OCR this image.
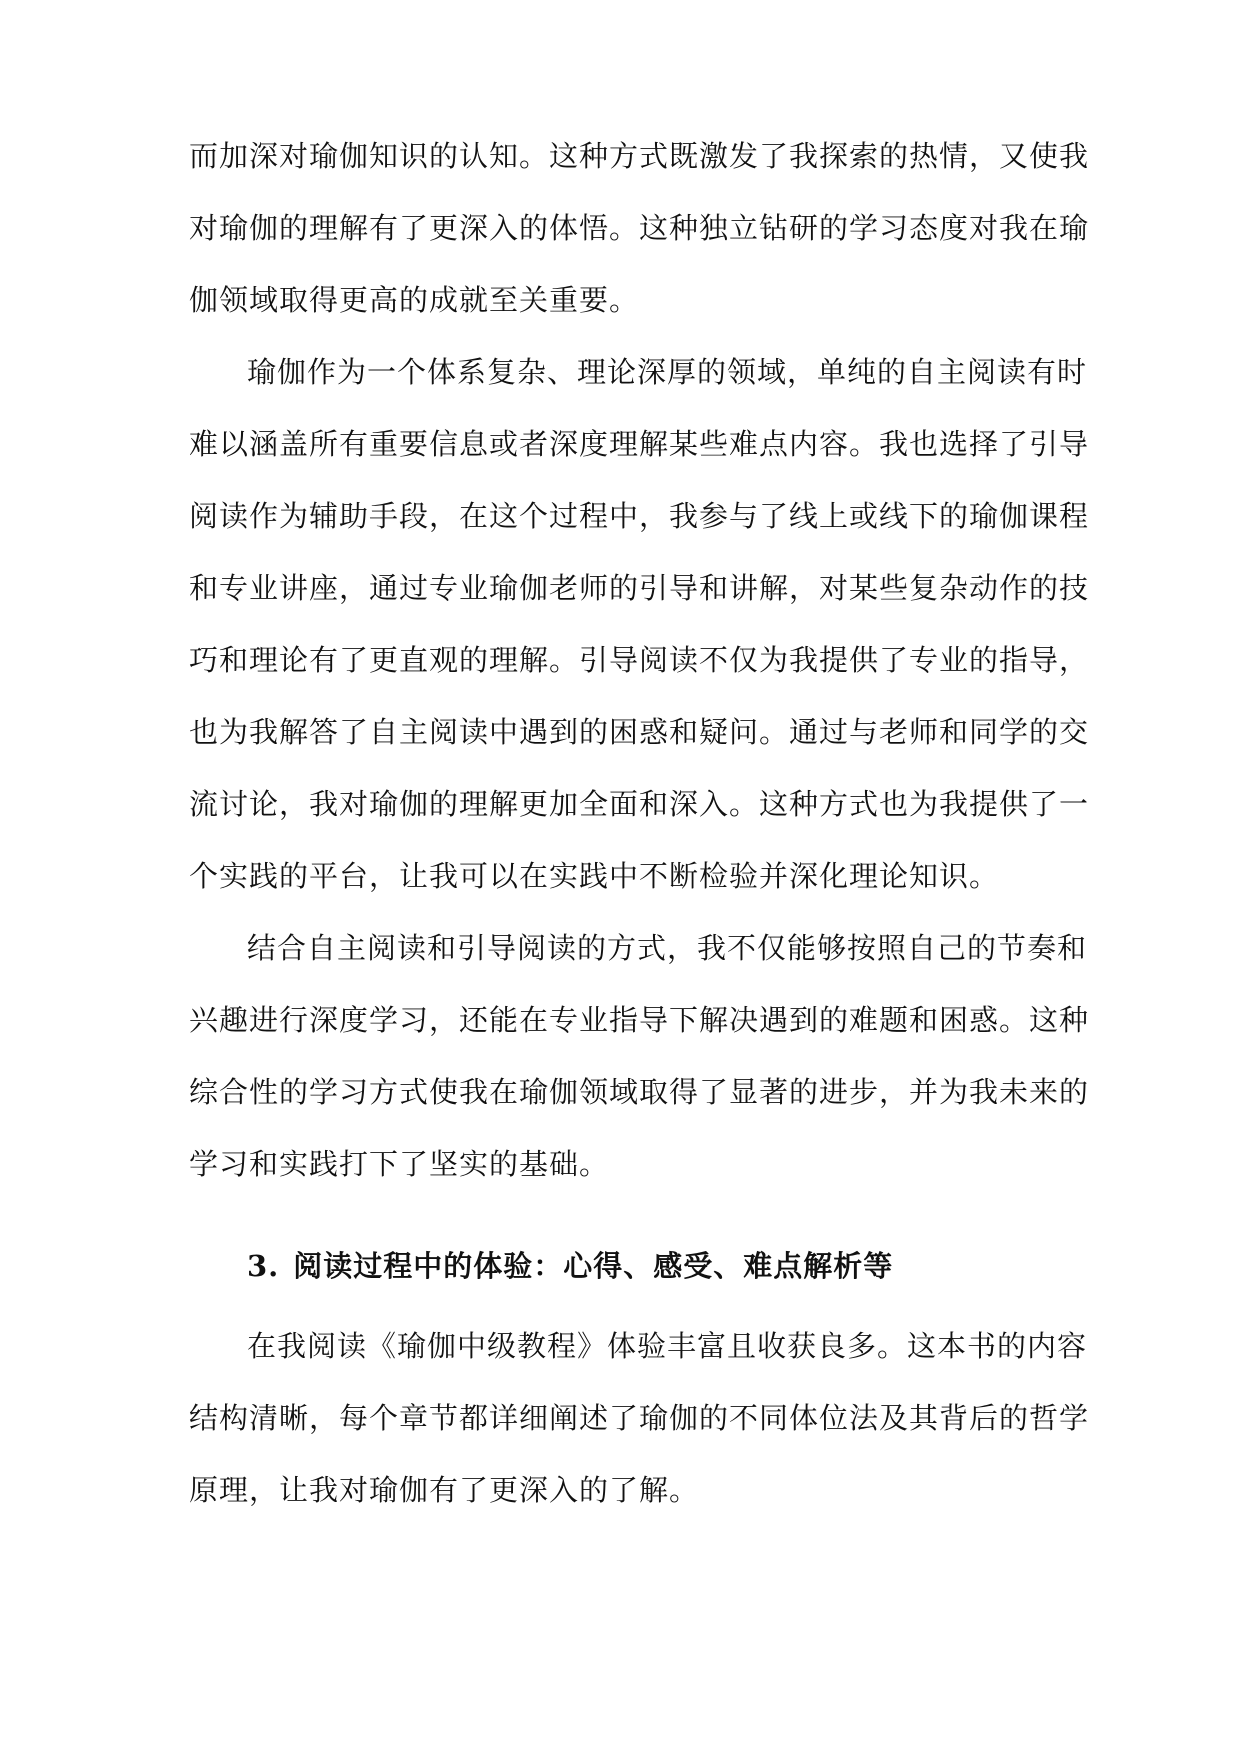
而加深对瑜伽知识的认知。这种方式既激发了我探索的热情，又使我
对瑜伽的理解有了更深入的体悟。这种独立钻研的学习态度对我在瑜
伽领域取得更高的成就至关重要。
瑜伽作为一个体系复杂、理论深厚的领域，单纯的自主阅读有时
难以涵盖所有重要信息或者深度理解某些难点内容。我也选择了引导
阅读作为辅助手段，在这个过程中，我参与了线上或线下的瑜伽课程
和专业讲座，通过专业瑜伽老师的引导和讲解，对某些复杂动作的技
巧和理论有了更直观的理解。引导阅读不仅为我提供了专业的指导，
也为我解答了自主阅读中遇到的困惑和疑问。通过与老师和同学的交
流讨论，我对瑜伽的理解更加全面和深入。这种方式也为我提供了一
个实践的平台，让我可以在实践中不断检验并深化理论知识。
结合自主阅读和引导阅读的方式，我不仅能够按照自己的节奏和
兴趣进行深度学习，还能在专业指导下解决遇到的难题和困惑。这种
综合性的学习方式使我在瑜伽领域取得了显著的进步，并为我未来的
学习和实践打下了坚实的基础。
3. 阅读过程中的体验：心得、感受、难点解析等
在我阅读《瑜伽中级教程》体验丰富且收获良多。这本书的内容
结构清晰，每个章节都详细阐述了瑜伽的不同体位法及其背后的哲学
原理，让我对瑜伽有了更深入的了解。
